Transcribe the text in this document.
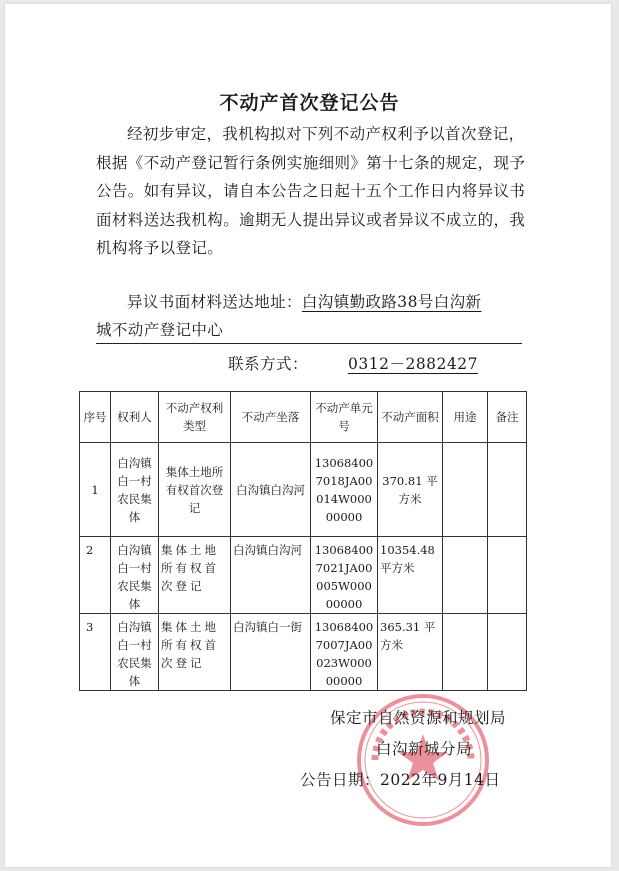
不动产首次登记公告

经初步审定，我机构拟对下列不动产权利予以首次登记，根据《不动产登记暂行条例实施细则》第十七条的规定，现予公告。如有异议，请自本公告之日起十五个工作日内将异议书面材料送达我机构。逾期无人提出异议或者异议不成立的，我机构将予以登记。

异议书面材料送达地址：白沟镇勤政路38号白沟新
城不动产登记中心

联系方式：	0312－2882427
序号	权利人	不动产权利类型	不动产坐落	不动产单元号	不动产面积	用途	备注
1	白沟镇白一村农民集体	集体土地所有权首次登记	白沟镇白沟河	130684007018JA00014W00000000	370.81 平方米		
2	白沟镇白一村农民集体	集体土地所有权首次登记	白沟镇白沟河	130684007021JA00005W00000000	10354.48 平方米		
3	白沟镇白一村农民集体	集体土地所有权首次登记	白沟镇白一街	130684007007JA00023W00000000	365.31 平方米		
保定市自然资源和规划局
白沟新城分局
公告日期：2022年9月14日
